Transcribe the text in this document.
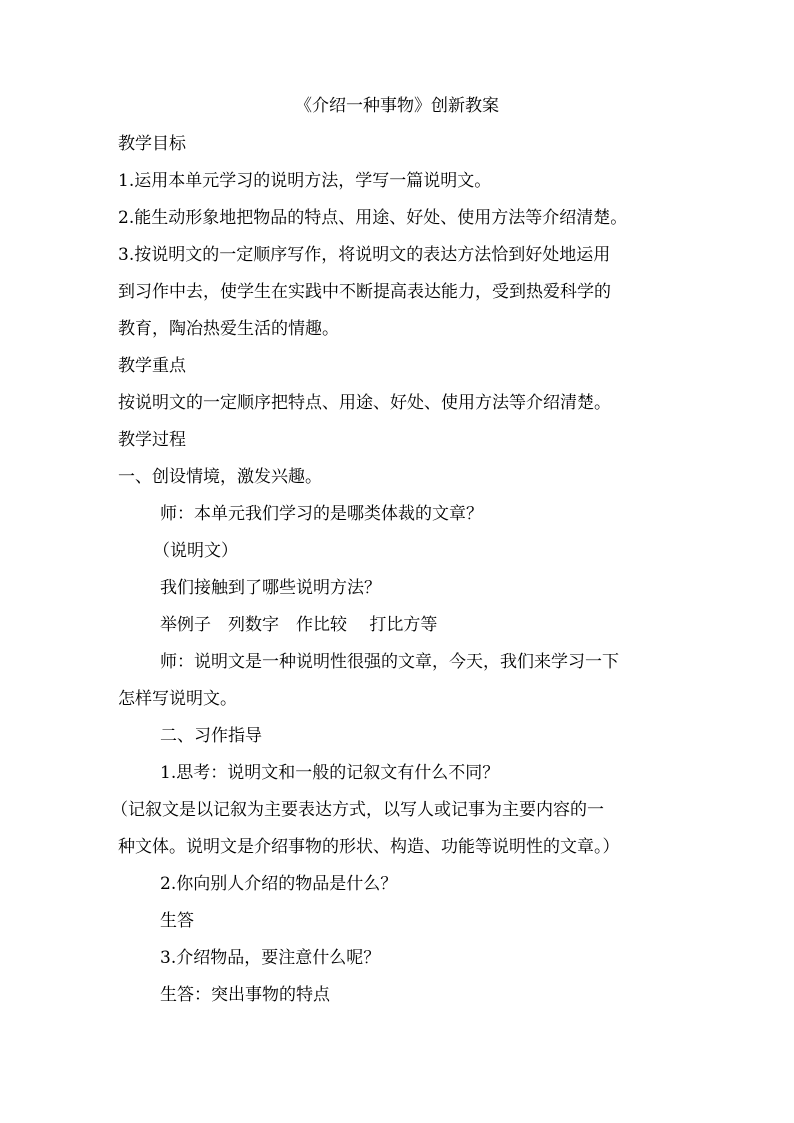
《介绍一种事物》创新教案
教学目标
1.运用本单元学习的说明方法，学写一篇说明文。
2.能生动形象地把物品的特点、用途、好处、使用方法等介绍清楚。
3.按说明文的一定顺序写作，将说明文的表达方法恰到好处地运用
到习作中去，使学生在实践中不断提高表达能力，受到热爱科学的
教育，陶冶热爱生活的情趣。
教学重点
按说明文的一定顺序把特点、用途、好处、使用方法等介绍清楚。
教学过程
一、创设情境，激发兴趣。
师：本单元我们学习的是哪类体裁的文章？
（说明文）
我们接触到了哪些说明方法？
举例子　列数字　作比较　 打比方等
师：说明文是一种说明性很强的文章，今天，我们来学习一下
怎样写说明文。
二、习作指导
1.思考：说明文和一般的记叙文有什么不同？
（记叙文是以记叙为主要表达方式，以写人或记事为主要内容的一
种文体。说明文是介绍事物的形状、构造、功能等说明性的文章。）
2.你向别人介绍的物品是什么？
生答
3.介绍物品，要注意什么呢？
生答：突出事物的特点
